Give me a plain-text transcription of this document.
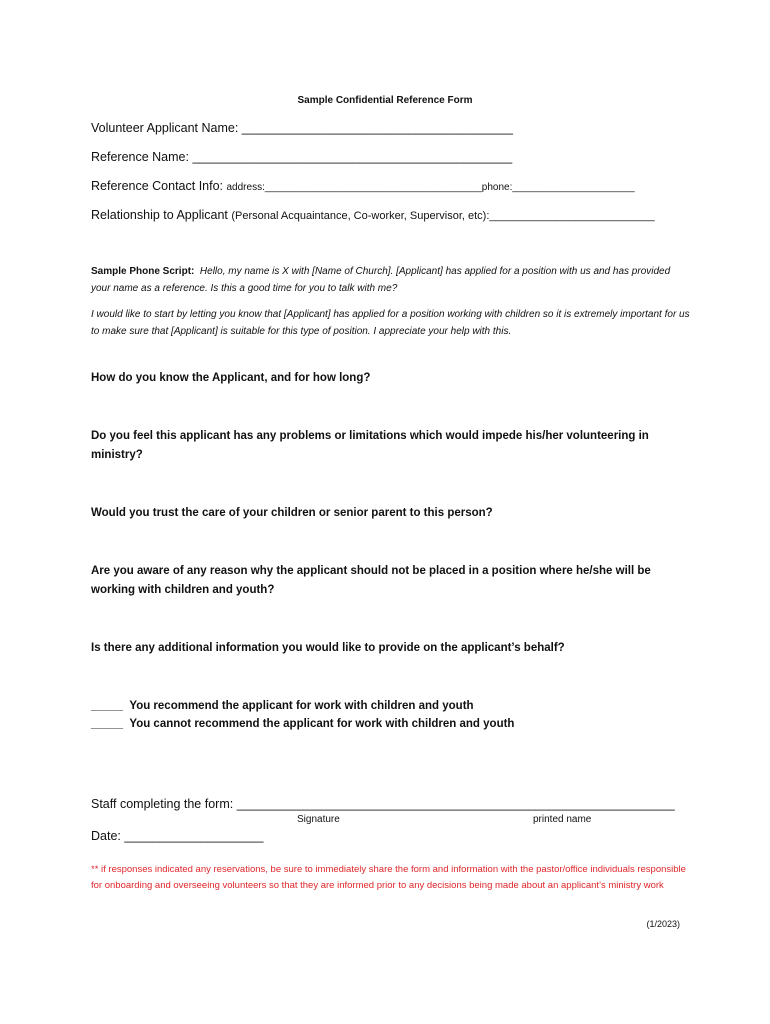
Sample Confidential Reference Form
Volunteer Applicant Name: _______________________________________
Reference Name: ______________________________________________
Reference Contact Info: address:_______________________________________phone:______________________
Relationship to Applicant (Personal Acquaintance, Co-worker, Supervisor, etc):___________________________
Sample Phone Script: Hello, my name is X with [Name of Church]. [Applicant] has applied for a position with us and has provided your name as a reference. Is this a good time for you to talk with me?
I would like to start by letting you know that [Applicant] has applied for a position working with children so it is extremely important for us to make sure that [Applicant] is suitable for this type of position. I appreciate your help with this.
How do you know the Applicant, and for how long?
Do you feel this applicant has any problems or limitations which would impede his/her volunteering in ministry?
Would you trust the care of your children or senior parent to this person?
Are you aware of any reason why the applicant should not be placed in a position where he/she will be working with children and youth?
Is there any additional information you would like to provide on the applicant’s behalf?
_____ You recommend the applicant for work with children and youth
_____ You cannot recommend the applicant for work with children and youth
Staff completing the form: _______________________________________________________________
Signature	printed name
Date: ____________________
** if responses indicated any reservations, be sure to immediately share the form and information with the pastor/office individuals responsible for onboarding and overseeing volunteers so that they are informed prior to any decisions being made about an applicant’s ministry work
(1/2023)
